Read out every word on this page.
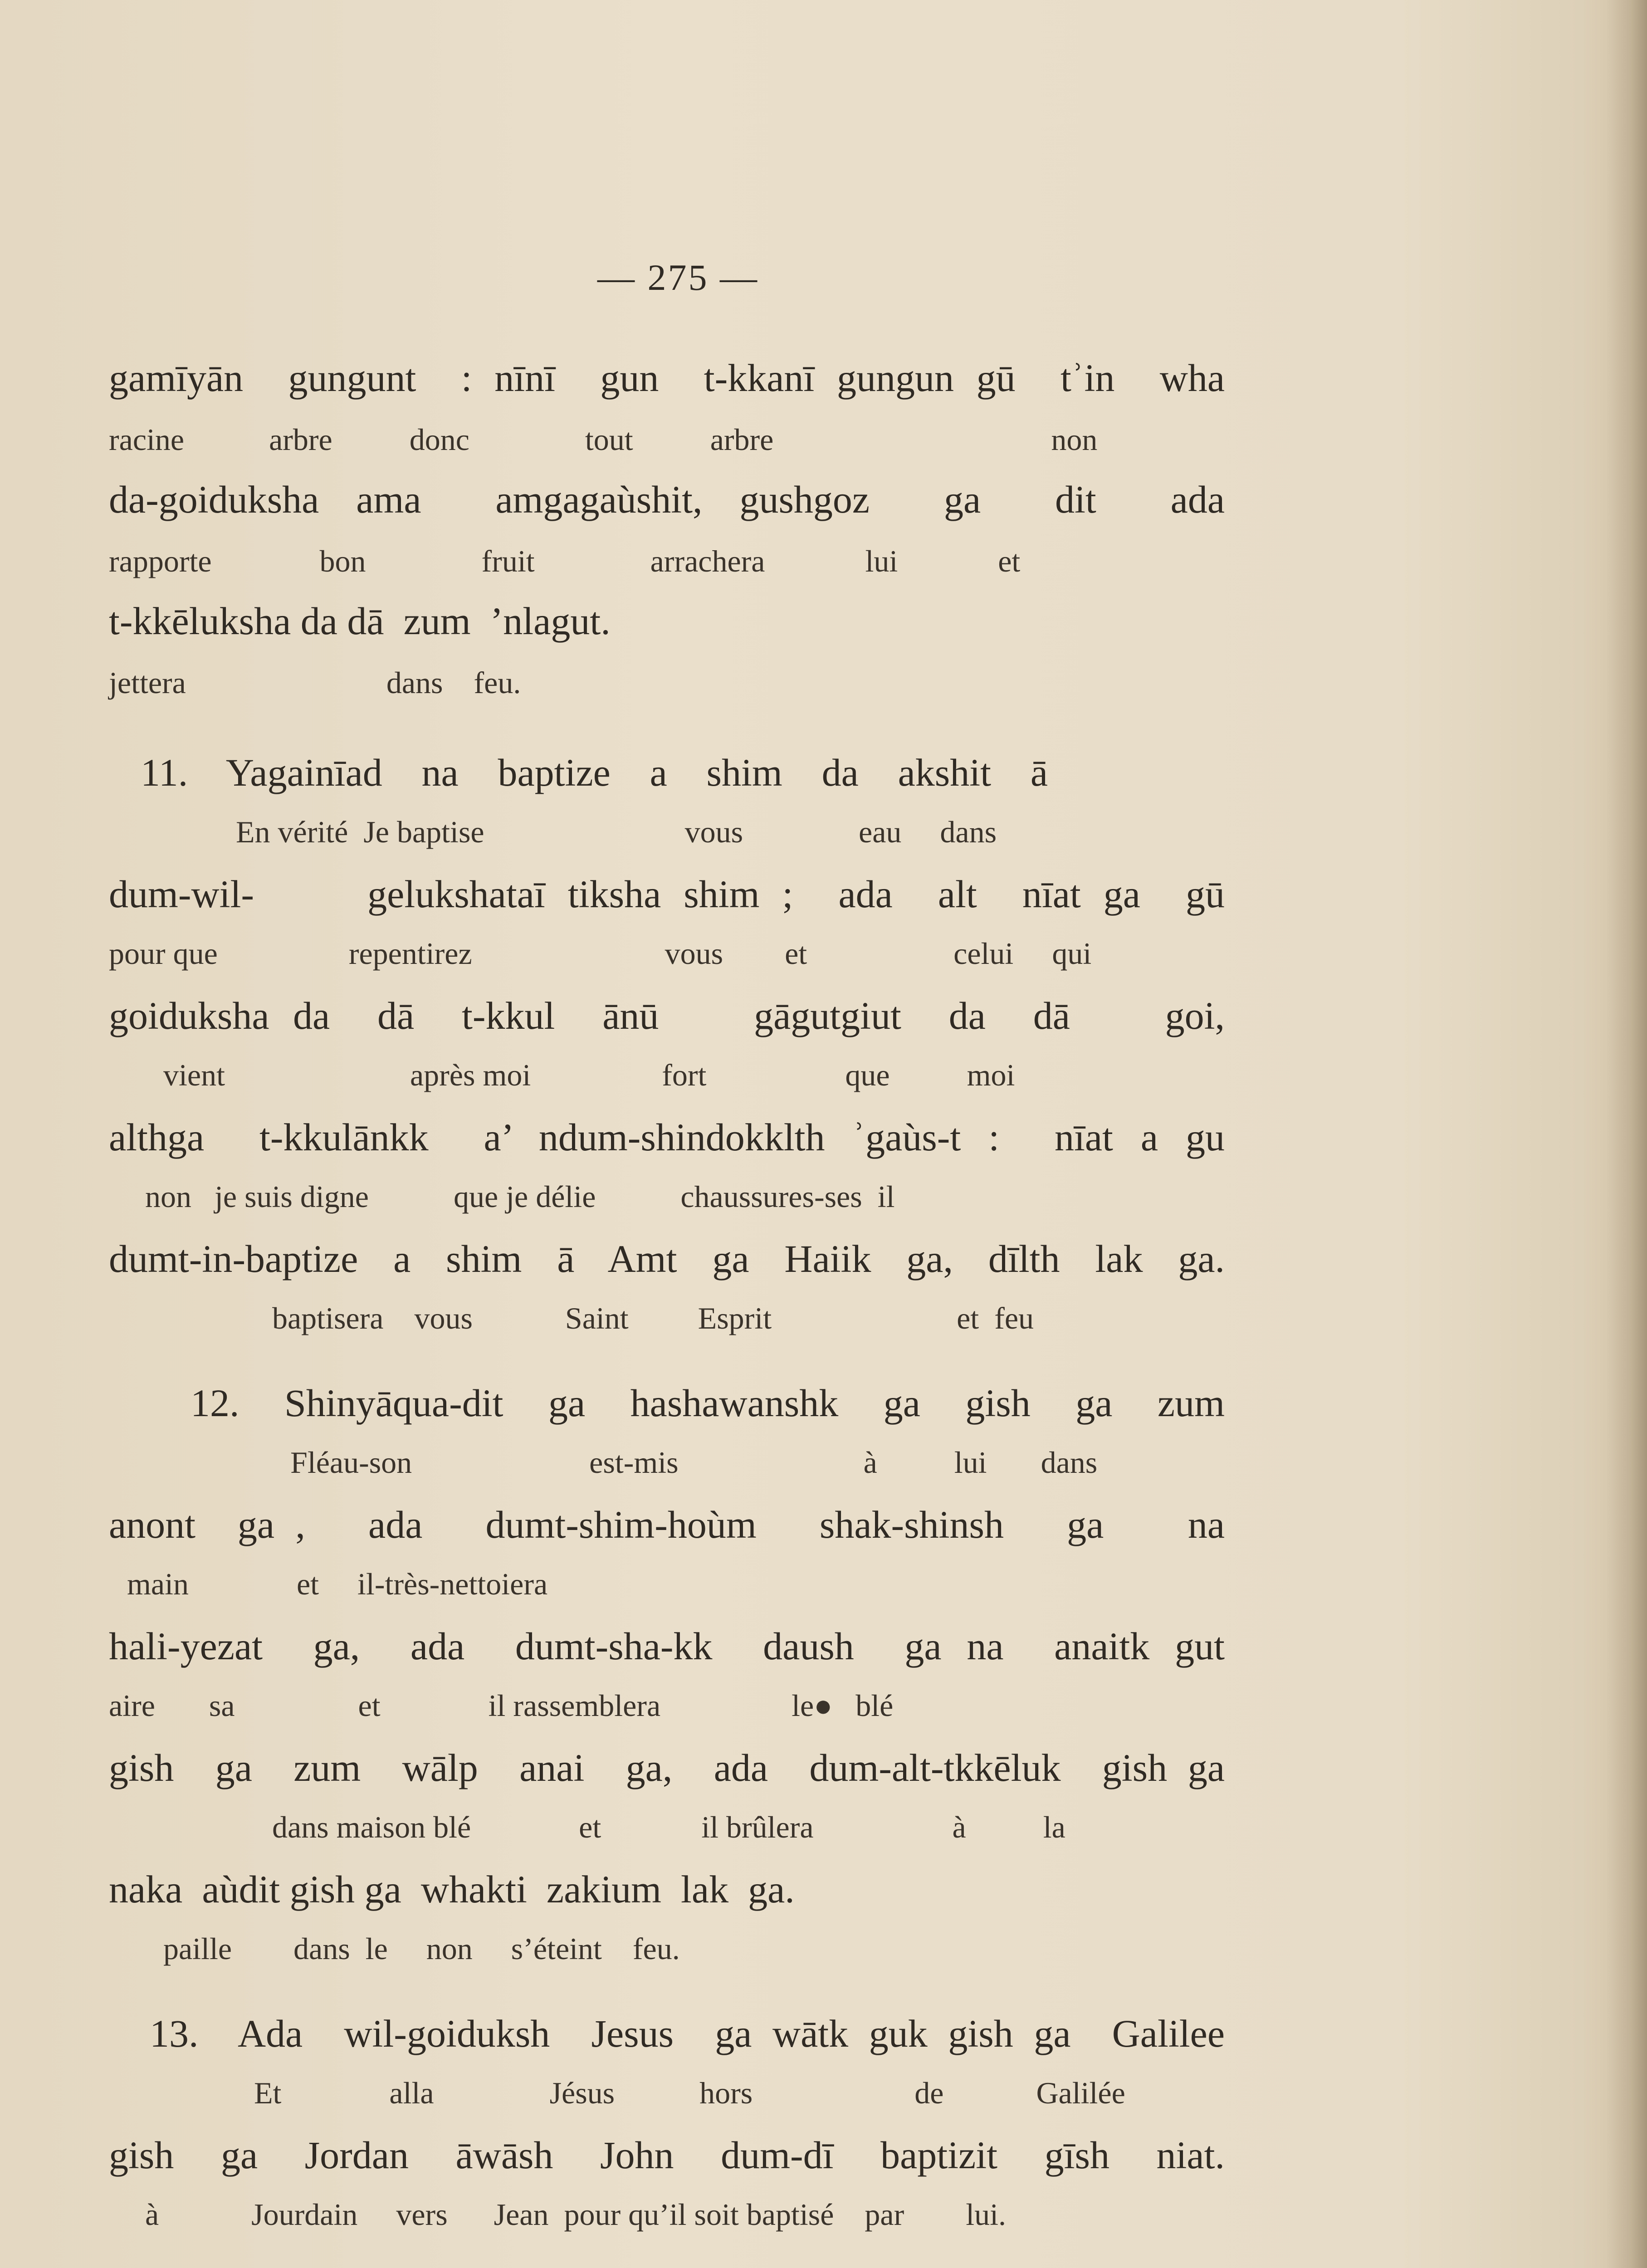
— 275 —
gamīyān  gungunt  : nīnī  gun  t-kkanī gungun gū  tʾin  wha
racine           arbre          donc               tout          arbre                                    non
da-goiduksha ama  amgagaùshit, gushgoz  ga  dit  ada
rapporte              bon               fruit               arrachera             lui             et
t-kkēluksha da dā  zum  ’nlagut.
jettera                          dans    feu.
11.  Yagainīad  na  baptize  a  shim  da  akshit  ā
En vérité  Je baptise                          vous               eau     dans
dum-wil-     gelukshataī tiksha shim ;  ada  alt  nīat ga  gū
pour que                 repentirez                         vous        et                   celui     qui
goiduksha da  dā  t-kkul  ānū    gāgutgiut  da  dā    goi,
vient                        après moi                 fort                  que          moi
althga  t-kkulānkk  a’ ndum-shindokklth ʾgaùs-t :  nīat a gu
non   je suis digne           que je délie           chaussures-ses  il
dumt-in-baptize  a  shim  ā  Amt  ga  Haiik  ga,  dīlth  lak  ga.
baptisera    vous            Saint         Esprit                        et  feu
12.  Shinyāqua-dit  ga  hashawanshk  ga  gish  ga  zum
Fléau-son                       est-mis                        à          lui       dans
anont  ga ,   ada   dumt-shim-hoùm   shak-shinsh   ga    na
main              et     il-très-nettoiera
hali-yezat  ga,  ada  dumt-sha-kk  daush  ga na  anaitk gut
aire       sa                et              il rassemblera                 le●   blé
gish  ga  zum  wālp  anai  ga,  ada  dum-alt-tkkēluk  gish ga
dans maison blé              et             il brûlera                  à          la
naka  aùdit gish ga  whakti  zakium  lak  ga.
paille        dans  le     non     s’éteint    feu.
13.  Ada  wil-goiduksh  Jesus  ga wātk guk gish ga  Galilee
Et              alla               Jésus           hors                     de            Galilée
gish  ga  Jordan  āwāsh  John  dum-dī  baptizit  gīsh  niat.
à            Jourdain     vers      Jean  pour qu’il soit baptisé    par        lui.
